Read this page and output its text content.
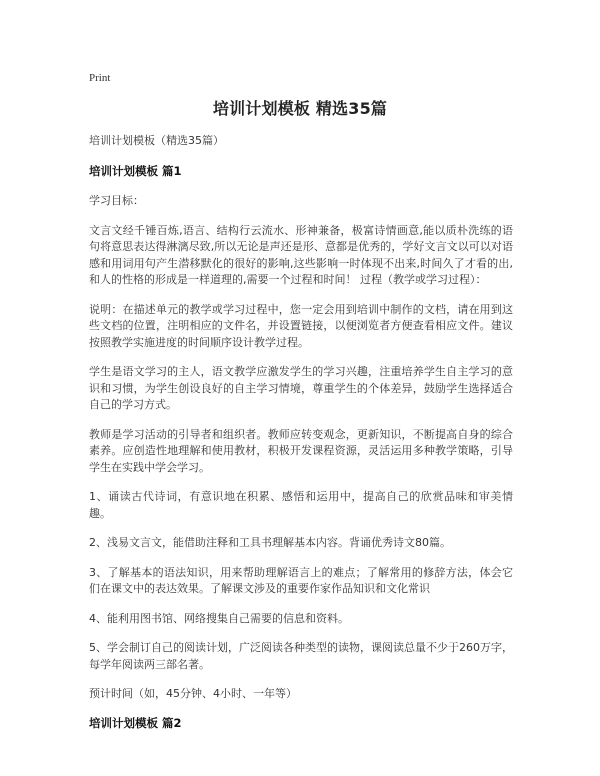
Print
培训计划模板 精选35篇
培训计划模板（精选35篇）
培训计划模板 篇1

学习目标：

文言文经千锤百炼,语言、结构行云流水、形神兼备，极富诗情画意,能以质朴洗练的语句将意思表达得淋漓尽致,所以无论是声还是形、意都是优秀的，学好文言文以可以对语感和用词用句产生潜移默化的很好的影响,这些影响一时体现不出来,时间久了才看的出,和人的性格的形成是一样道理的,需要一个过程和时间！ 过程（教学或学习过程）：

说明：在描述单元的教学或学习过程中，您一定会用到培训中制作的文档，请在用到这些文档的位置，注明相应的文件名，并设置链接，以便浏览者方便查看相应文件。建议按照教学实施进度的时间顺序设计教学过程。

学生是语文学习的主人，语文教学应激发学生的学习兴趣，注重培养学生自主学习的意识和习惯，为学生创设良好的自主学习情境，尊重学生的个体差异，鼓励学生选择适合自己的学习方式。

教师是学习活动的引导者和组织者。教师应转变观念，更新知识，不断提高自身的综合素养。应创造性地理解和使用教材，积极开发课程资源，灵活运用多种教学策略，引导学生在实践中学会学习。

1、诵读古代诗词，有意识地在积累、感悟和运用中，提高自己的欣赏品味和审美情趣。

2、浅易文言文，能借助注释和工具书理解基本内容。背诵优秀诗文80篇。

3、了解基本的语法知识，用来帮助理解语言上的难点；了解常用的修辞方法，体会它们在课文中的表达效果。了解课文涉及的重要作家作品知识和文化常识

4、能利用图书馆、网络搜集自己需要的信息和资料。

5、学会制订自己的阅读计划，广泛阅读各种类型的读物，课阅读总量不少于260万字，每学年阅读两三部名著。

预计时间（如，45分钟、4小时、一年等）

培训计划模板 篇2
